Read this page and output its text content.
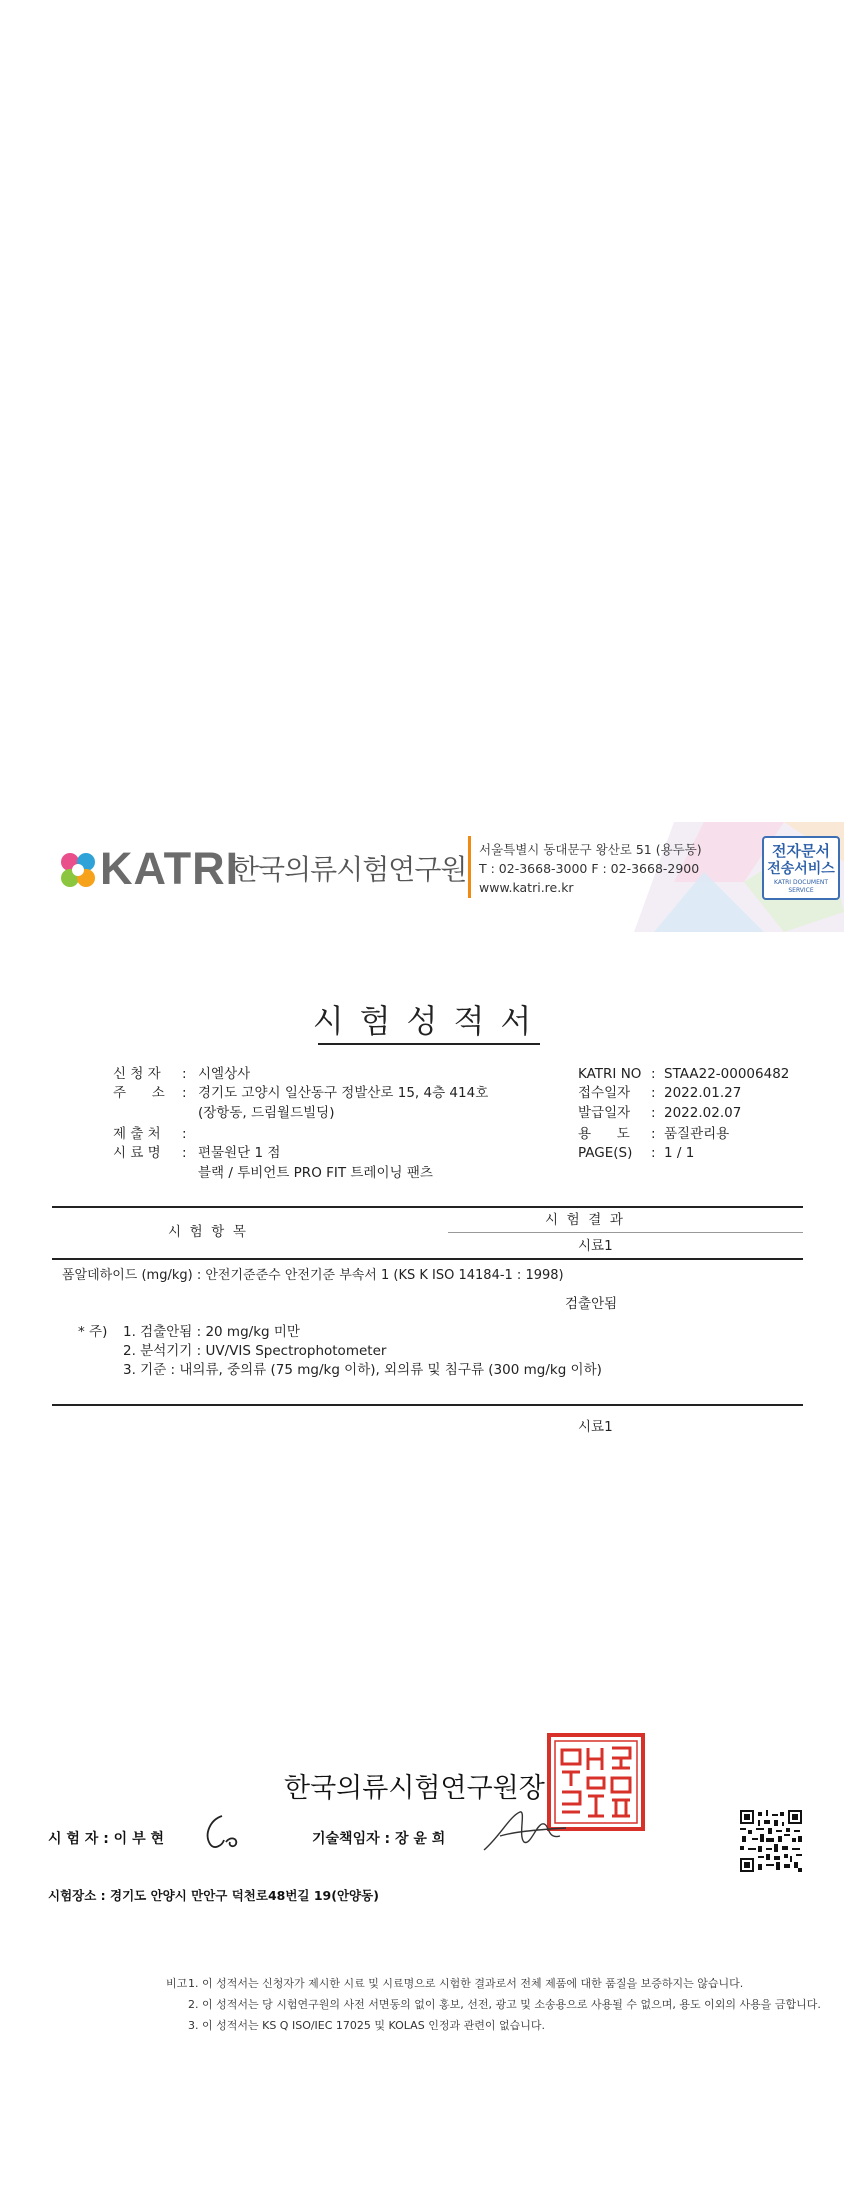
KATRI
한국의류시험연구원
서울특별시 동대문구 왕산로 51 (용두동)
T : 02-3668-3000 F : 02-3668-2900
www.katri.re.kr
전자문서
전송서비스
KATRI DOCUMENT SERVICE
시험성적서
신 청 자 : 시엘상사
주      소 : 경기도 고양시 일산동구 정발산로 15, 4층 414호
(장항동, 드림월드빌딩)
제 출 처 :
시 료 명 : 편물원단 1 점
블랙 / 투비언트 PRO FIT 트레이닝 팬츠
KATRI NO : STAA22-00006482
접수일자 : 2022.01.27
발급일자 : 2022.02.07
용      도 : 품질관리용
PAGE(S) : 1 / 1
시  험  항  목
시  험  결  과
시료1
폼알데하이드 (mg/kg) : 안전기준준수 안전기준 부속서 1 (KS K ISO 14184-1 : 1998)
검출안됨
* 주) 1. 검출안됨 : 20 mg/kg 미만
2. 분석기기 : UV/VIS Spectrophotometer
3. 기준 : 내의류, 중의류 (75 mg/kg 이하), 외의류 및 침구류 (300 mg/kg 이하)
시료1
한국의류시험연구원장
시 험 자 : 이 부 현	기술책임자 : 장 윤 희
시험장소 : 경기도 안양시 만안구 덕천로48번길 19(안양동)
비고 1. 이 성적서는 신청자가 제시한 시료 및 시료명으로 시험한 결과로서 전체 제품에 대한 품질을 보증하지는 않습니다.
2. 이 성적서는 당 시험연구원의 사전 서면동의 없이 홍보, 선전, 광고 및 소송용으로 사용될 수 없으며, 용도 이외의 사용을 금합니다.
3. 이 성적서는 KS Q ISO/IEC 17025 및 KOLAS 인정과 관련이 없습니다.
